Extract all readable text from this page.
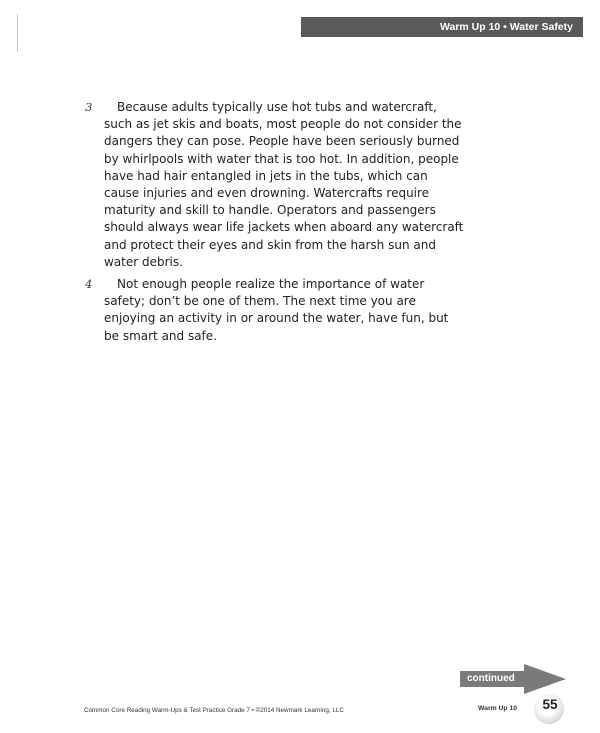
Warm Up 10 • Water Safety
3	Because adults typically use hot tubs and watercraft, such as jet skis and boats, most people do not consider the dangers they can pose. People have been seriously burned by whirlpools with water that is too hot. In addition, people have had hair entangled in jets in the tubs, which can cause injuries and even drowning. Watercrafts require maturity and skill to handle. Operators and passengers should always wear life jackets when aboard any watercraft and protect their eyes and skin from the harsh sun and water debris.
4	Not enough people realize the importance of water safety; don’t be one of them. The next time you are enjoying an activity in or around the water, have fun, but be smart and safe.
continued
Common Core Reading Warm-Ups & Test Practice Grade 7 • ©2014 Newmark Learning, LLC	Warm Up 10	55
